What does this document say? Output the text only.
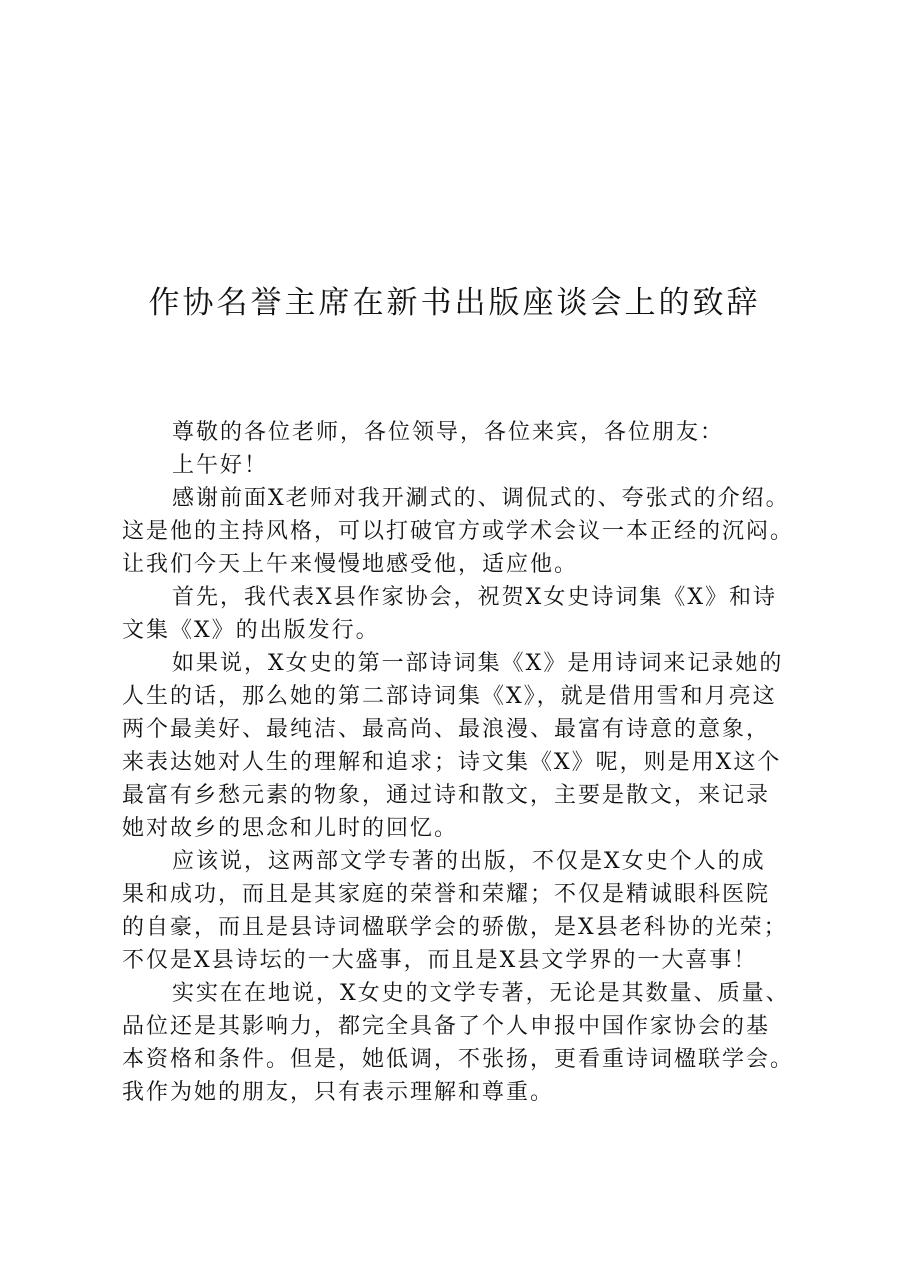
作协名誉主席在新书出版座谈会上的致辞
尊敬的各位老师，各位领导，各位来宾，各位朋友：
上午好！
感谢前面X老师对我开涮式的、调侃式的、夸张式的介绍。
这是他的主持风格，可以打破官方或学术会议一本正经的沉闷。
让我们今天上午来慢慢地感受他，适应他。
首先，我代表X县作家协会，祝贺X女史诗词集《X》和诗
文集《X》的出版发行。
如果说，X女史的第一部诗词集《X》是用诗词来记录她的
人生的话，那么她的第二部诗词集《X》，就是借用雪和月亮这
两个最美好、最纯洁、最高尚、最浪漫、最富有诗意的意象，
来表达她对人生的理解和追求；诗文集《X》呢，则是用X这个
最富有乡愁元素的物象，通过诗和散文，主要是散文，来记录
她对故乡的思念和儿时的回忆。
应该说，这两部文学专著的出版，不仅是X女史个人的成
果和成功，而且是其家庭的荣誉和荣耀；不仅是精诚眼科医院
的自豪，而且是县诗词楹联学会的骄傲，是X县老科协的光荣；
不仅是X县诗坛的一大盛事，而且是X县文学界的一大喜事！
实实在在地说，X女史的文学专著，无论是其数量、质量、
品位还是其影响力，都完全具备了个人申报中国作家协会的基
本资格和条件。但是，她低调，不张扬，更看重诗词楹联学会。
我作为她的朋友，只有表示理解和尊重。
